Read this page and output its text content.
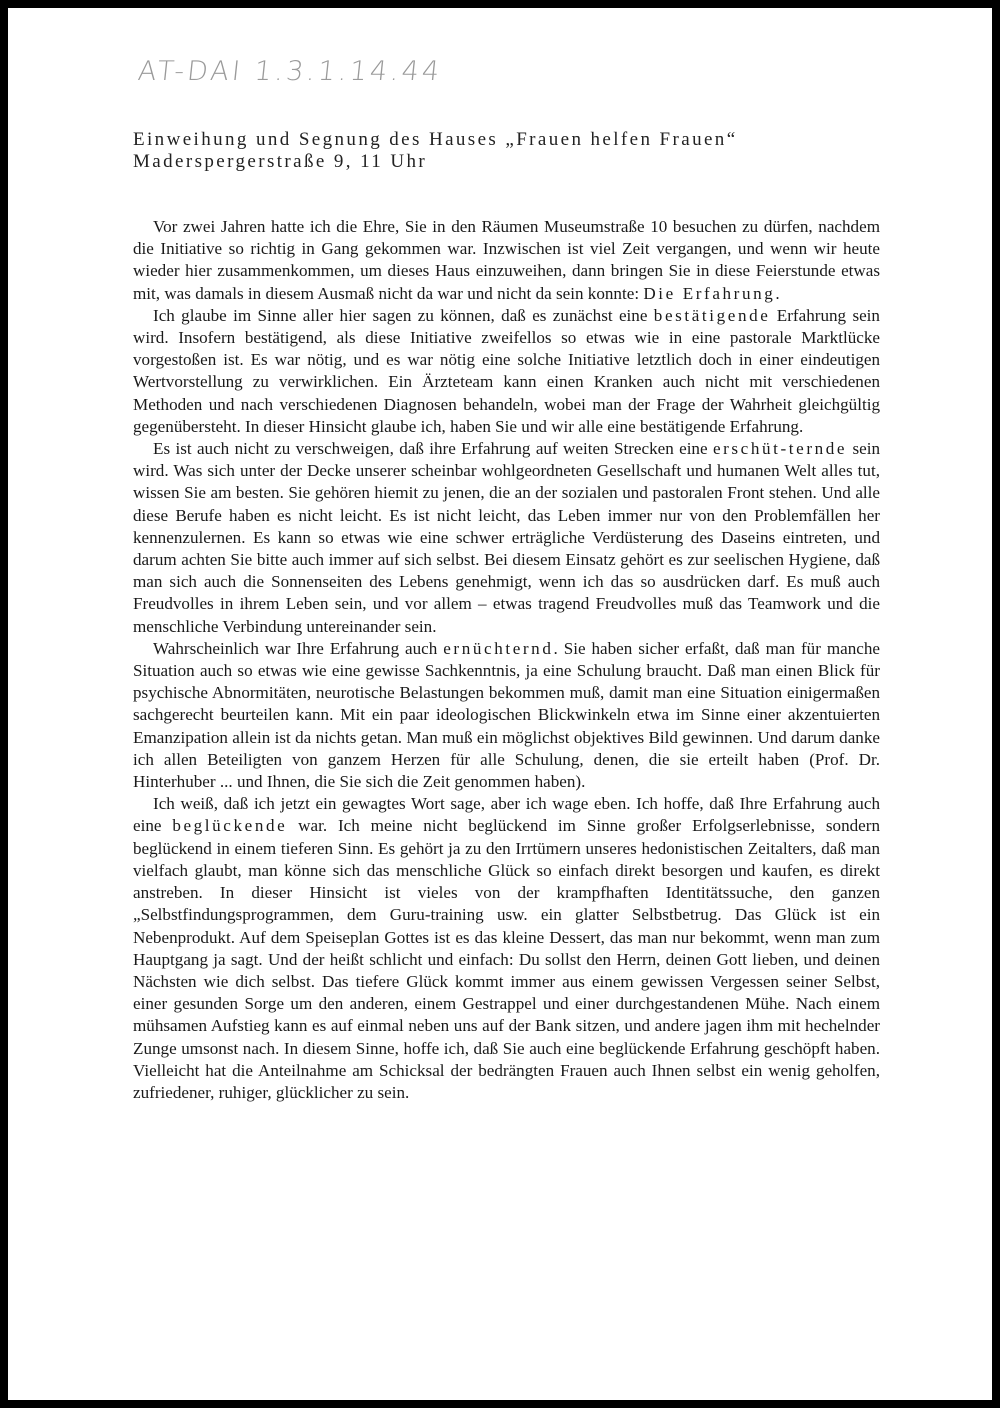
AT-DAI 1.3.1.14.44
Einweihung und Segnung des Hauses „Frauen helfen Frauen“
Maderspergerstraße 9, 11 Uhr

Vor zwei Jahren hatte ich die Ehre, Sie in den Räumen Museumstraße 10 besuchen zu dürfen, nachdem die Initiative so richtig in Gang gekommen war. Inzwischen ist viel Zeit vergangen, und wenn wir heute wieder hier zusammenkommen, um dieses Haus einzuweihen, dann bringen Sie in diese Feierstunde etwas mit, was damals in diesem Ausmaß nicht da war und nicht da sein konnte: Die Erfahrung.

Ich glaube im Sinne aller hier sagen zu können, daß es zunächst eine bestätigende Erfahrung sein wird. Insofern bestätigend, als diese Initiative zweifellos so etwas wie in eine pastorale Marktlücke vorgestoßen ist. Es war nötig, und es war nötig eine solche Initiative letztlich doch in einer eindeutigen Wertvorstellung zu verwirklichen. Ein Ärzteteam kann einen Kranken auch nicht mit verschiedenen Methoden und nach verschiedenen Diagnosen behandeln, wobei man der Frage der Wahrheit gleichgültig gegenübersteht. In dieser Hinsicht glaube ich, haben Sie und wir alle eine bestätigende Erfahrung.

Es ist auch nicht zu verschweigen, daß ihre Erfahrung auf weiten Strecken eine erschüt-ternde sein wird. Was sich unter der Decke unserer scheinbar wohlgeordneten Gesellschaft und humanen Welt alles tut, wissen Sie am besten. Sie gehören hiemit zu jenen, die an der sozialen und pastoralen Front stehen. Und alle diese Berufe haben es nicht leicht. Es ist nicht leicht, das Leben immer nur von den Problemfällen her kennenzulernen. Es kann so etwas wie eine schwer erträgliche Verdüsterung des Daseins eintreten, und darum achten Sie bitte auch immer auf sich selbst. Bei diesem Einsatz gehört es zur seelischen Hygiene, daß man sich auch die Sonnenseiten des Lebens genehmigt, wenn ich das so ausdrücken darf. Es muß auch Freudvolles in ihrem Leben sein, und vor allem – etwas tragend Freudvolles muß das Teamwork und die menschliche Verbindung untereinander sein.

Wahrscheinlich war Ihre Erfahrung auch ernüchternd. Sie haben sicher erfaßt, daß man für manche Situation auch so etwas wie eine gewisse Sachkenntnis, ja eine Schulung braucht. Daß man einen Blick für psychische Abnormitäten, neurotische Belastungen bekommen muß, damit man eine Situation einigermaßen sachgerecht beurteilen kann. Mit ein paar ideologischen Blickwinkeln etwa im Sinne einer akzentuierten Emanzipation allein ist da nichts getan. Man muß ein möglichst objektives Bild gewinnen. Und darum danke ich allen Beteiligten von ganzem Herzen für alle Schulung, denen, die sie erteilt haben (Prof. Dr. Hinterhuber ... und Ihnen, die Sie sich die Zeit genommen haben).

Ich weiß, daß ich jetzt ein gewagtes Wort sage, aber ich wage eben. Ich hoffe, daß Ihre Erfahrung auch eine beglückende war. Ich meine nicht beglückend im Sinne großer Erfolgserlebnisse, sondern beglückend in einem tieferen Sinn. Es gehört ja zu den Irrtümern unseres hedonistischen Zeitalters, daß man vielfach glaubt, man könne sich das menschliche Glück so einfach direkt besorgen und kaufen, es direkt anstreben. In dieser Hinsicht ist vieles von der krampfhaften Identitätssuche, den ganzen „Selbstfindungsprogrammen, dem Guru-training usw. ein glatter Selbstbetrug. Das Glück ist ein Nebenprodukt. Auf dem Speiseplan Gottes ist es das kleine Dessert, das man nur bekommt, wenn man zum Hauptgang ja sagt. Und der heißt schlicht und einfach: Du sollst den Herrn, deinen Gott lieben, und deinen Nächsten wie dich selbst. Das tiefere Glück kommt immer aus einem gewissen Vergessen seiner Selbst, einer gesunden Sorge um den anderen, einem Gestrappel und einer durchgestandenen Mühe. Nach einem mühsamen Aufstieg kann es auf einmal neben uns auf der Bank sitzen, und andere jagen ihm mit hechelnder Zunge umsonst nach. In diesem Sinne, hoffe ich, daß Sie auch eine beglückende Erfahrung geschöpft haben. Vielleicht hat die Anteilnahme am Schicksal der bedrängten Frauen auch Ihnen selbst ein wenig geholfen, zufriedener, ruhiger, glücklicher zu sein.
